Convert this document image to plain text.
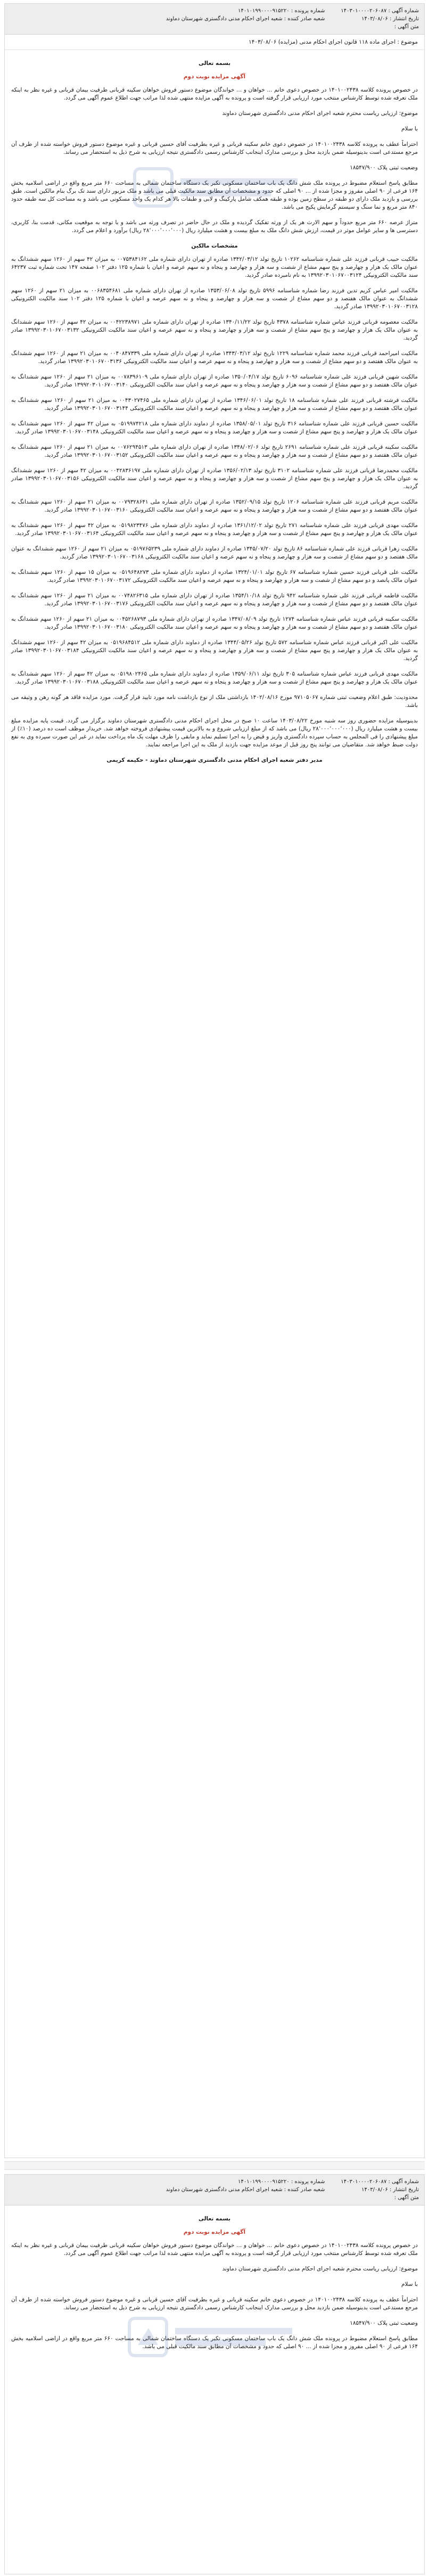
شماره آگهی : ۱۴۰۳۰۱۰۰۰۰۲۰۶۰۸۷
تاریخ انتشار : ۱۴۰۳/۰۸/۰۶
متن آگهی :
شماره پرونده : ۱۴۰۱۰۱۹۹۰۰۰۰۹۱۵۲۲۰
شعبه صادر کننده : شعبه اجرای احکام مدنی دادگستری شهرستان دماوند
موضوع : اجرای ماده ۱۱۸ قانون اجرای احکام مدنی (مزایده) ۱۴۰۳/۰۸/۰۶

بسمه تعالی

آگهی مزایده نوبت دوم

در خصوص پرونده کلاسه ۱۴۰۱۰۰۲۴۳۸ در خصوص دعوی خانم ... خواهان و ... خواندگان موضوع دستور فروش خواهان سکینه قربانی طرفیت بیمان قربانی و غیره نظر به اینکه ملک تعرفه شده توسط کارشناس منتخب مورد ارزیابی قرار گرفته است و پرونده به آگهی مزایده منتهی شده لذا مراتب جهت اطلاع عموم آگهی می گردد.

موضوع: ارزیابی ریاست محترم شعبه اجرای احکام مدنی دادگستری شهرستان دماوند

با سلام

احتراماً عطف به پرونده کلاسه ۱۴۰۱۰۰۲۴۳۸ در خصوص دعوی خانم سکینه قربانی و غیره بطرفیت آقای حسین قربانی و غیره موضوع دستور فروش خواسته شده از طرف آن مرجع مستدعی است بدینوسیله ضمن بازدید محل و بررسی مدارک اینجانب کارشناس رسمی دادگستری نتیجه ارزیابی به شرح ذیل به استحضار می رساند.

وضعیت ثبتی پلاک ۱۸۵۴۷/۹۰۰

مطابق پاسخ استعلام مضبوط در پرونده ملک شش دانگ یک باب ساختمان مسکونی تکبر یک دستگاه ساختمان شمالی به مساحت ۶۶۰ متر مربع واقع در اراضی اسلامیه بخش ۱۶۴ فرعی از ۹۰ اصلی مفروز و مجزا شده از ... ۹۰ اصلی که حدود و مشخصات آن مطابق سند مالکیت قبلی می باشد و ملک مزبور دارای سند تک برگ بنام مالکین است. طبق بررسی و بازدید ملک دارای دو طبقه در سطح زمین بوده و طبقه همکف شامل پارکینگ و لابی و طبقات بالا هر کدام یک واحد مسکونی می باشد و به مساحت کل سه طبقه حدود ۸۴۰ متر مربع و نما سنگ و سیستم گرمایش پکیج می باشد.

متراژ عرصه ۶۶۰ متر مربع حدوداً و سهم الارث هر یک از ورثه تفکیک گردیده و ملک در حال حاضر در تصرف ورثه می باشد و با توجه به موقعیت مکانی، قدمت بنا، کاربری، دسترسی ها و سایر عوامل موثر در قیمت، ارزش شش دانگ ملک به مبلغ بیست و هشت میلیارد ریال (۲۸٬۰۰۰٬۰۰۰٬۰۰۰ ریال) برآورد و اعلام می گردد.

مشخصات مالکین

مالکیت حبیب قربانی فرزند علی شماره شناسنامه ۱۰۲۶۲ تاریخ تولد ۱۳۴۲/۰۳/۱۲ صادره از تهران دارای شماره ملی ۰۰۷۵۳۸۴۱۶۲ به میزان ۴۲ سهم از ۱۲۶۰ سهم ششدانگ به عنوان مالک یک هزار و چهارصد و پنج سهم مشاع از شصت و سه هزار و چهارصد و پنجاه و نه سهم عرصه و اعیان با شماره ۱۲۵ دفتر ۱۰۲ صفحه ۱۴۷ تحت شماره ثبت ۶۴۲۳۷ سند مالکیت الکترونیکی ۱۳۹۹۲۰۳۰۱۰۶۷۰۰۳۱۲۴ به نام نامبرده صادر گردید.

مالکیت امیر عباس کریم تدین فرزند رضا شماره شناسنامه ۵۹۹۶ تاریخ تولد ۱۳۵۳/۰۶/۰۸ صادره از تهران دارای شماره ملی ۰۰۶۸۳۵۴۶۸۱ به میزان ۲۱ سهم از ۱۲۶۰ سهم ششدانگ به عنوان مالک هفتصد و دو سهم مشاع از شصت و سه هزار و چهارصد و پنجاه و نه سهم عرصه و اعیان با شماره ۱۲۵ دفتر ۱۰۲ سند مالکیت الکترونیکی ۱۳۹۹۲۰۳۰۱۰۶۷۰۰۳۱۲۸ صادر گردید.

مالکیت معصومه قربانی فرزند عباس شماره شناسنامه ۴۳۷۸ تاریخ تولد ۱۳۴۰/۱۱/۲۲ صادره از تهران دارای شماره ملی ۰۰۴۲۲۳۸۹۷۱ به میزان ۴۲ سهم از ۱۲۶۰ سهم ششدانگ به عنوان مالک یک هزار و چهارصد و پنج سهم مشاع از شصت و سه هزار و چهارصد و پنجاه و نه سهم عرصه و اعیان سند مالکیت الکترونیکی ۱۳۹۹۲۰۳۰۱۰۶۷۰۰۳۱۳۲ صادر گردید.

مالکیت امیراحمد قربانی فرزند محمد شماره شناسنامه ۱۲۲۹ تاریخ تولد ۱۳۴۳/۰۳/۱۲ صادره از تهران دارای شماره ملی ۰۰۴۰۸۴۷۳۳۹ به میزان ۲۱ سهم از ۱۲۶۰ سهم ششدانگ به عنوان مالک هفتصد و دو سهم مشاع از شصت و سه هزار و چهارصد و پنجاه و نه سهم عرصه و اعیان سند مالکیت الکترونیکی ۱۳۹۹۲۰۳۰۱۰۶۷۰۰۳۱۳۶ صادر گردید.

مالکیت شهین قربانی فرزند علی شماره شناسنامه ۶۰۹۶ تاریخ تولد ۱۳۵۰/۰۴/۱۷ صادره از تهران دارای شماره ملی ۰۰۷۸۳۹۶۱۰۹ به میزان ۲۱ سهم از ۱۲۶۰ سهم ششدانگ به عنوان مالک هفتصد و دو سهم مشاع از شصت و سه هزار و چهارصد و پنجاه و نه سهم عرصه و اعیان سند مالکیت الکترونیکی ۱۳۹۹۲۰۳۰۱۰۶۷۰۰۳۱۴۰ صادر گردید.

مالکیت فرشته قربانی فرزند علی شماره شناسنامه ۱۸ تاریخ تولد ۱۳۴۶/۰۶/۰۱ صادره از تهران دارای شماره ملی ۰۰۴۳۰۲۷۴۶۵ به میزان ۲۱ سهم از ۱۲۶۰ سهم ششدانگ به عنوان مالک هفتصد و دو سهم مشاع از شصت و سه هزار و چهارصد و پنجاه و نه سهم عرصه و اعیان سند مالکیت الکترونیکی ۱۳۹۹۲۰۳۰۱۰۶۷۰۰۳۱۴۴ صادر گردید.

مالکیت حسین قربانی فرزند علی شماره شناسنامه ۳۱۶ تاریخ تولد ۱۳۵۸/۰۵/۰۱ صادره از دماوند دارای شماره ملی ۰۵۱۹۹۷۴۲۱۸ به میزان ۴۲ سهم از ۱۲۶۰ سهم ششدانگ به عنوان مالک یک هزار و چهارصد و پنج سهم مشاع از شصت و سه هزار و چهارصد و پنجاه و نه سهم عرصه و اعیان سند مالکیت الکترونیکی ۱۳۹۹۲۰۳۰۱۰۶۷۰۰۳۱۴۸ صادر گردید.

مالکیت سکینه قربانی فرزند علی شماره شناسنامه ۲۶۹۱ تاریخ تولد ۱۳۴۸/۰۲/۰۶ صادره از تهران دارای شماره ملی ۰۰۷۶۲۹۴۵۱۳ به میزان ۲۱ سهم از ۱۲۶۰ سهم ششدانگ به عنوان مالک هفتصد و دو سهم مشاع از شصت و سه هزار و چهارصد و پنجاه و نه سهم عرصه و اعیان سند مالکیت الکترونیکی ۱۳۹۹۲۰۳۰۱۰۶۷۰۰۳۱۵۲ صادر گردید.

مالکیت محمدرضا قربانی فرزند علی شماره شناسنامه ۳۱۰۲ تاریخ تولد ۱۳۵۶/۰۲/۱۳ صادره از تهران دارای شماره ملی ۰۰۴۲۸۳۶۱۹۷ به میزان ۴۲ سهم از ۱۲۶۰ سهم ششدانگ به عنوان مالک یک هزار و چهارصد و پنج سهم مشاع از شصت و سه هزار و چهارصد و پنجاه و نه سهم عرصه و اعیان سند مالکیت الکترونیکی ۱۳۹۹۲۰۳۰۱۰۶۷۰۰۳۱۵۶ صادر گردید.

مالکیت مریم قربانی فرزند علی شماره شناسنامه ۱۲۰۶ تاریخ تولد ۱۳۵۲/۰۹/۱۵ صادره از تهران دارای شماره ملی ۰۰۷۹۳۲۸۶۴۱ به میزان ۲۱ سهم از ۱۲۶۰ سهم ششدانگ به عنوان مالک هفتصد و دو سهم مشاع از شصت و سه هزار و چهارصد و پنجاه و نه سهم عرصه و اعیان سند مالکیت الکترونیکی ۱۳۹۹۲۰۳۰۱۰۶۷۰۰۳۱۶۰ صادر گردید.

مالکیت مهدی قربانی فرزند علی شماره شناسنامه ۲۷۱ تاریخ تولد ۱۳۶۱/۱۲/۰۲ صادره از دماوند دارای شماره ملی ۰۵۱۹۸۲۳۴۷۶ به میزان ۴۲ سهم از ۱۲۶۰ سهم ششدانگ به عنوان مالک یک هزار و چهارصد و پنج سهم مشاع از شصت و سه هزار و چهارصد و پنجاه و نه سهم عرصه و اعیان سند مالکیت الکترونیکی ۱۳۹۹۲۰۳۰۱۰۶۷۰۰۳۱۶۴ صادر گردید.

مالکیت زهرا قربانی فرزند علی شماره شناسنامه ۸۶ تاریخ تولد ۱۳۴۵/۰۷/۲۰ صادره از دماوند دارای شماره ملی ۰۵۱۹۷۶۵۲۳۹ به میزان ۲۱ سهم از ۱۲۶۰ سهم ششدانگ به عنوان مالک هفتصد و دو سهم مشاع از شصت و سه هزار و چهارصد و پنجاه و نه سهم عرصه و اعیان سند مالکیت الکترونیکی ۱۳۹۹۲۰۳۰۱۰۶۷۰۰۳۱۶۸ صادر گردید.

مالکیت علی قربانی فرزند حسین شماره شناسنامه ۶۷ تاریخ تولد ۱۳۲۴/۰۱/۰۱ صادره از دماوند دارای شماره ملی ۰۵۱۹۶۴۸۲۷۳ به میزان ۱۵ سهم از ۱۲۶۰ سهم ششدانگ به عنوان مالک پانصد و دو سهم مشاع از شصت و سه هزار و چهارصد و پنجاه و نه سهم عرصه و اعیان سند مالکیت الکترونیکی ۱۳۹۹۲۰۳۰۱۰۶۷۰۰۳۱۷۲ صادر گردید.

مالکیت فاطمه قربانی فرزند علی شماره شناسنامه ۹۴۲ تاریخ تولد ۱۳۵۴/۱۰/۱۸ صادره از تهران دارای شماره ملی ۰۰۷۴۸۲۶۳۱۵ به میزان ۲۱ سهم از ۱۲۶۰ سهم ششدانگ به عنوان مالک هفتصد و دو سهم مشاع از شصت و سه هزار و چهارصد و پنجاه و نه سهم عرصه و اعیان سند مالکیت الکترونیکی ۱۳۹۹۲۰۳۰۱۰۶۷۰۰۳۱۷۶ صادر گردید.

مالکیت سکینه قربانی فرزند عباس شماره شناسنامه ۱۲۷۴ تاریخ تولد ۱۳۴۷/۰۸/۰۹ صادره از تهران دارای شماره ملی ۰۰۴۵۲۶۸۷۹۳ به میزان ۲۱ سهم از ۱۲۶۰ سهم ششدانگ به عنوان مالک هفتصد و دو سهم مشاع از شصت و سه هزار و چهارصد و پنجاه و نه سهم عرصه و اعیان سند مالکیت الکترونیکی ۱۳۹۹۲۰۳۰۱۰۶۷۰۰۳۱۸۰ صادر گردید.

مالکیت علی اکبر قربانی فرزند عباس شماره شناسنامه ۵۷۲ تاریخ تولد ۱۳۴۴/۰۵/۲۶ صادره از دماوند دارای شماره ملی ۰۵۱۹۶۸۴۵۱۲ به میزان ۴۲ سهم از ۱۲۶۰ سهم ششدانگ به عنوان مالک یک هزار و چهارصد و پنج سهم مشاع از شصت و سه هزار و چهارصد و پنجاه و نه سهم عرصه و اعیان سند مالکیت الکترونیکی ۱۳۹۹۲۰۳۰۱۰۶۷۰۰۳۱۸۴ صادر گردید.

مالکیت مهدی قربانی فرزند عباس شماره شناسنامه ۳۰۵ تاریخ تولد ۱۳۵۹/۰۶/۱۱ صادره از دماوند دارای شماره ملی ۰۵۱۹۸۰۲۴۶۵ به میزان ۴۲ سهم از ۱۲۶۰ سهم ششدانگ به عنوان مالک یک هزار و چهارصد و پنج سهم مشاع از شصت و سه هزار و چهارصد و پنجاه و نه سهم عرصه و اعیان سند مالکیت الکترونیکی ۱۳۹۹۲۰۳۰۱۰۶۷۰۰۳۱۸۸ صادر گردید.

محدودیت: طبق اعلام وضعیت ثبتی شماره ۹۷۱۰۵۰۶۷ مورخ ۱۴۰۲/۰۸/۱۶ بازداشتی ملک از نوع بازداشت نامه مورد تایید قرار گرفت. مورد مزایده فاقد هر گونه رهن و وثیقه می باشد.

بدینوسیله مزایده حضوری روز سه شنبه مورخ ۱۴۰۳/۰۸/۲۲ ساعت ۱۰ صبح در محل اجرای احکام مدنی دادگستری شهرستان دماوند برگزار می گردد. قیمت پایه مزایده مبلغ بیست و هشت میلیارد ریال (۲۸٬۰۰۰٬۰۰۰٬۰۰۰ ریال) می باشد که از مبلغ ارزیابی شروع و به بالاترین قیمت پیشنهادی فروخته خواهد شد. خریدار موظف است ده درصد (۱۰٪) از مبلغ پیشنهادی را فی المجلس به حساب سپرده دادگستری واریز و قیض را به اجرا تسلیم نماید و مابقی را ظرف مهلت یک ماه پرداخت نماید در غیر این صورت سپرده وی به نفع دولت ضبط خواهد شد. متقاضیان می توانند پنج روز قبل از موعد مزایده جهت بازدید از ملک به این اجرا مراجعه نمایند.

مدیر دفتر شعبه اجرای احکام مدنی دادگستری شهرستان دماوند - حکیمه کریمی

شماره آگهی : ۱۴۰۳۰۱۰۰۰۰۲۰۶۰۸۷
تاریخ انتشار : ۱۴۰۳/۰۸/۰۶
متن آگهی :
شماره پرونده : ۱۴۰۱۰۱۹۹۰۰۰۰۹۱۵۲۲۰
شعبه صادر کننده : شعبه اجرای احکام مدنی دادگستری شهرستان دماوند

بسمه تعالی

آگهی مزایده نوبت دوم

در خصوص پرونده کلاسه ۱۴۰۱۰۰۲۴۳۸ در خصوص دعوی خانم ... خواهان و ... خواندگان موضوع دستور فروش خواهان سکینه قربانی طرفیت بیمان قربانی و غیره نظر به اینکه ملک تعرفه شده توسط کارشناس منتخب مورد ارزیابی قرار گرفته است و پرونده به آگهی مزایده منتهی شده لذا مراتب جهت اطلاع عموم آگهی می گردد.

موضوع: ارزیابی ریاست محترم شعبه اجرای احکام مدنی دادگستری شهرستان دماوند

با سلام

احتراماً عطف به پرونده کلاسه ۱۴۰۱۰۰۲۴۳۸ در خصوص دعوی خانم سکینه قربانی و غیره بطرفیت آقای حسین قربانی و غیره موضوع دستور فروش خواسته شده از طرف آن مرجع مستدعی است بدینوسیله ضمن بازدید محل و بررسی مدارک اینجانب کارشناس رسمی دادگستری نتیجه ارزیابی به شرح ذیل به استحضار می رساند.

وضعیت ثبتی پلاک ۱۸۵۴۷/۹۰۰

مطابق پاسخ استعلام مضبوط در پرونده ملک شش دانگ یک باب ساختمان مسکونی تکبر یک دستگاه ساختمان شمالی به مساحت ۶۶۰ متر مربع واقع در اراضی اسلامیه بخش ۱۶۴ فرعی از ۹۰ اصلی مفروز و مجزا شده از ... ۹۰ اصلی که حدود و مشخصات آن مطابق سند مالکیت قبلی می باشد.
